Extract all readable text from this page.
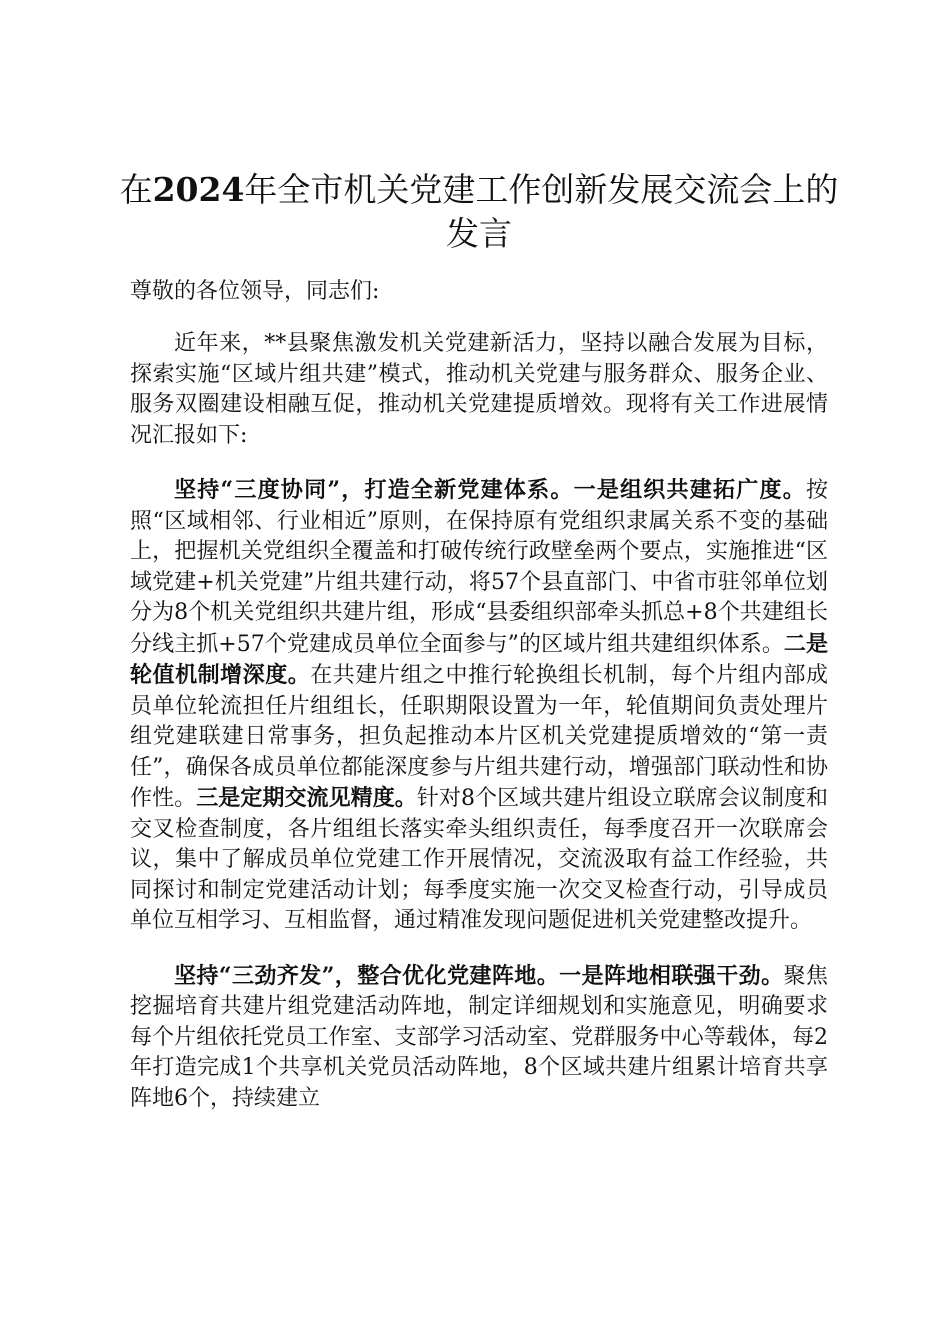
在2024年全市机关党建工作创新发展交流会上的发言
尊敬的各位领导，同志们:

近年来，**县聚焦激发机关党建新活力，坚持以融合发展为目标，探索实施“区域片组共建”模式，推动机关党建与服务群众、服务企业、服务双圈建设相融互促，推动机关党建提质增效。现将有关工作进展情况汇报如下:

坚持“三度协同”，打造全新党建体系。一是组织共建拓广度。按照“区域相邻、行业相近”原则，在保持原有党组织隶属关系不变的基础上，把握机关党组织全覆盖和打破传统行政壁垒两个要点，实施推进“区域党建+机关党建”片组共建行动，将57个县直部门、中省市驻邻单位划分为8个机关党组织共建片组，形成“县委组织部牵头抓总+8个共建组长分线主抓+57个党建成员单位全面参与”的区域片组共建组织体系。二是轮值机制增深度。在共建片组之中推行轮换组长机制，每个片组内部成员单位轮流担任片组组长，任职期限设置为一年，轮值期间负责处理片组党建联建日常事务，担负起推动本片区机关党建提质增效的“第一责任”，确保各成员单位都能深度参与片组共建行动，增强部门联动性和协作性。三是定期交流见精度。针对8个区域共建片组设立联席会议制度和交叉检查制度，各片组组长落实牵头组织责任，每季度召开一次联席会议，集中了解成员单位党建工作开展情况，交流汲取有益工作经验，共同探讨和制定党建活动计划；每季度实施一次交叉检查行动，引导成员单位互相学习、互相监督，通过精准发现问题促进机关党建整改提升。

坚持“三劲齐发”，整合优化党建阵地。一是阵地相联强干劲。聚焦挖掘培育共建片组党建活动阵地，制定详细规划和实施意见，明确要求每个片组依托党员工作室、支部学习活动室、党群服务中心等载体，每2年打造完成1个共享机关党员活动阵地，8个区域共建片组累计培育共享阵地6个，持续建立
